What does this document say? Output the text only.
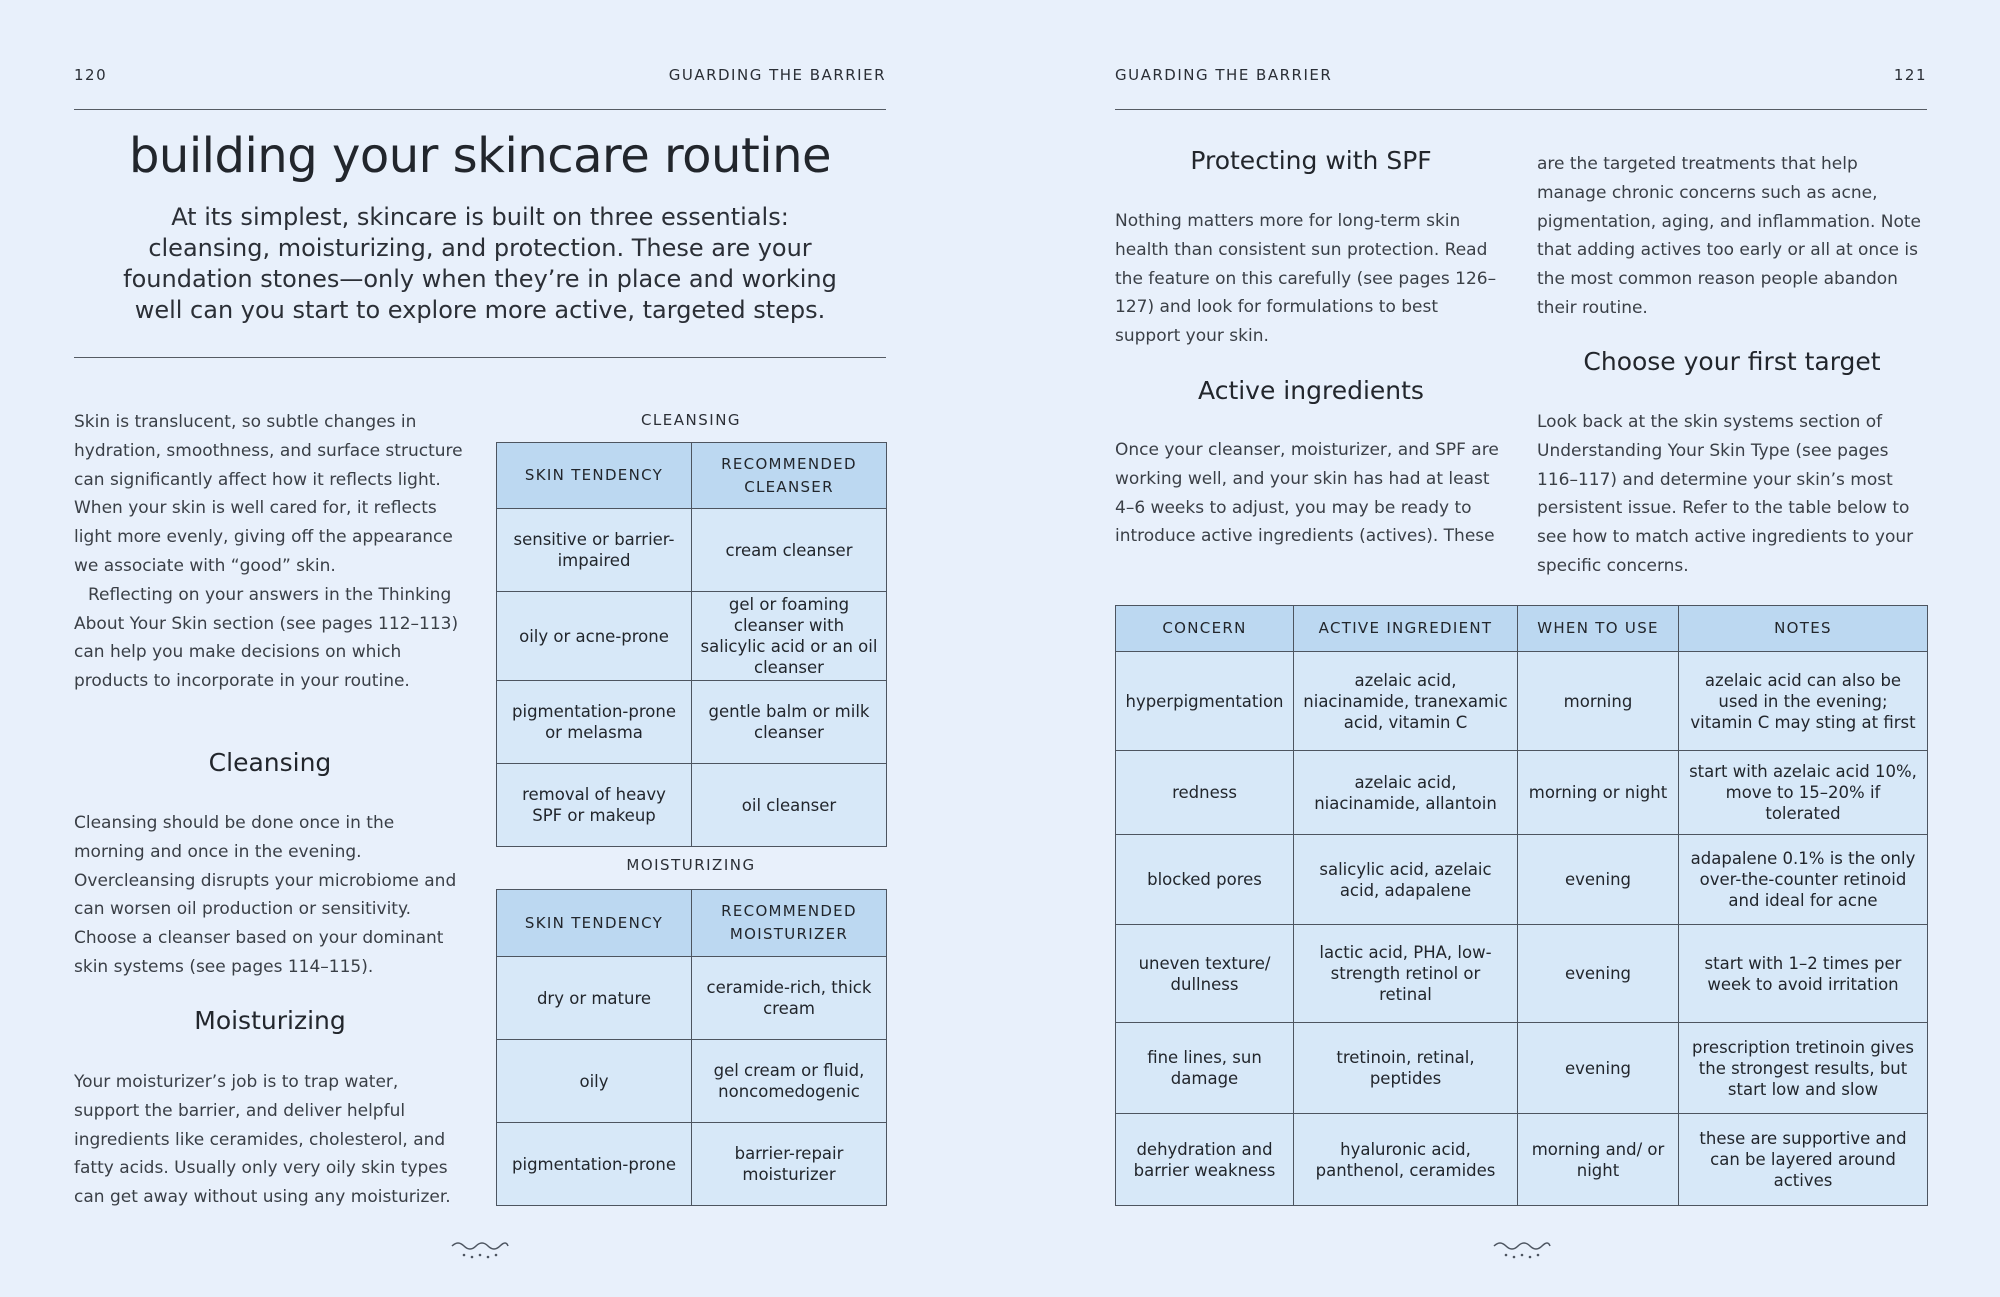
120	GUARDING THE BARRIER
building your skincare routine
At its simplest, skincare is built on three essentials: cleansing, moisturizing, and protection. These are your foundation stones—only when they’re in place and working well can you start to explore more active, targeted steps.

Skin is translucent, so subtle changes in hydration, smoothness, and surface structure can significantly affect how it reflects light. When your skin is well cared for, it reflects light more evenly, giving off the appearance we associate with “good” skin.

Reflecting on your answers in the Thinking About Your Skin section (see pages 112–113) can help you make decisions on which products to incorporate in your routine.

Cleansing
Cleansing should be done once in the morning and once in the evening. Overcleansing disrupts your microbiome and can worsen oil production or sensitivity. Choose a cleanser based on your dominant skin systems (see pages 114–115).
Moisturizing
Your moisturizer’s job is to trap water, support the barrier, and deliver helpful ingredients like ceramides, cholesterol, and fatty acids. Usually only very oily skin types can get away without using any moisturizer.
CLEANSING
SKIN TENDENCY	RECOMMENDED CLEANSER
sensitive or barrier-impaired	cream cleanser
oily or acne-prone	gel or foaming cleanser with salicylic acid or an oil cleanser
pigmentation-prone or melasma	gentle balm or milk cleanser
removal of heavy SPF or makeup	oil cleanser
MOISTURIZING
SKIN TENDENCY	RECOMMENDED MOISTURIZER
dry or mature	ceramide-rich, thick cream
oily	gel cream or fluid, noncomedogenic
pigmentation-prone	barrier-repair moisturizer
GUARDING THE BARRIER	121
Protecting with SPF
Nothing matters more for long-term skin health than consistent sun protection. Read the feature on this carefully (see pages 126–127) and look for formulations to best support your skin.
Active ingredients
Once your cleanser, moisturizer, and SPF are working well, and your skin has had at least 4–6 weeks to adjust, you may be ready to introduce active ingredients (actives). These
are the targeted treatments that help manage chronic concerns such as acne, pigmentation, aging, and inflammation. Note that adding actives too early or all at once is the most common reason people abandon their routine.
Choose your first target
Look back at the skin systems section of Understanding Your Skin Type (see pages 116–117) and determine your skin’s most persistent issue. Refer to the table below to see how to match active ingredients to your specific concerns.
CONCERN	ACTIVE INGREDIENT	WHEN TO USE	NOTES
hyperpigmentation	azelaic acid, niacinamide, tranexamic acid, vitamin C	morning	azelaic acid can also be used in the evening; vitamin C may sting at first
redness	azelaic acid, niacinamide, allantoin	morning or night	start with azelaic acid 10%, move to 15–20% if tolerated
blocked pores	salicylic acid, azelaic acid, adapalene	evening	adapalene 0.1% is the only over-the-counter retinoid and ideal for acne
uneven texture/ dullness	lactic acid, PHA, low-strength retinol or retinal	evening	start with 1–2 times per week to avoid irritation
fine lines, sun damage	tretinoin, retinal, peptides	evening	prescription tretinoin gives the strongest results, but start low and slow
dehydration and barrier weakness	hyaluronic acid, panthenol, ceramides	morning and/ or night	these are supportive and can be layered around actives
